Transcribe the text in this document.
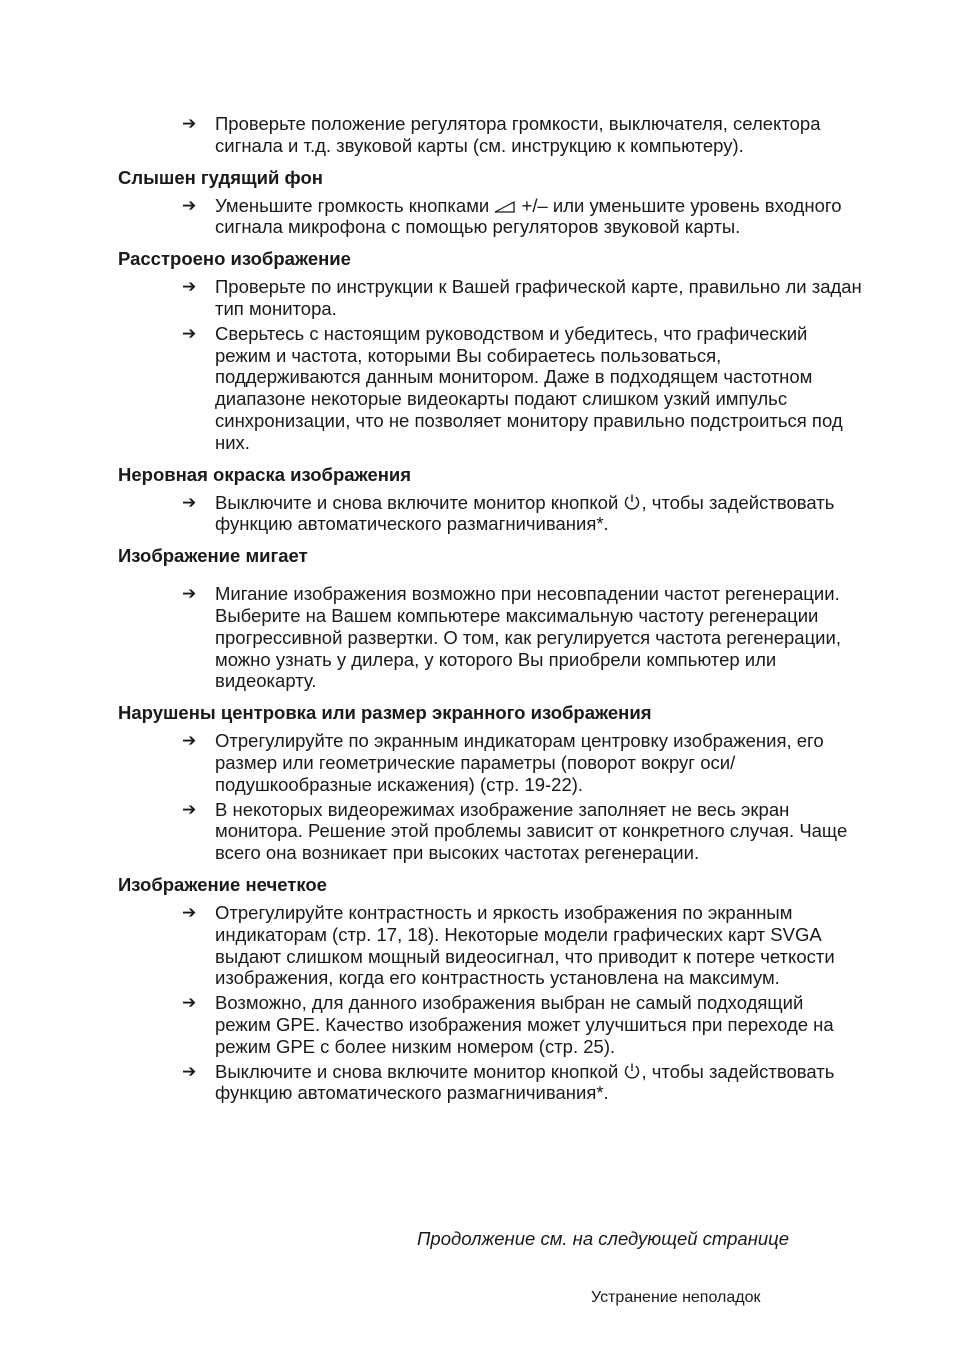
➔ Проверьте положение регулятора громкости, выключателя, селектора сигнала и т.д. звуковой карты (см. инструкцию к компьютеру).
Слышен гудящий фон
➔ Уменьшите громкость кнопками  +/– или уменьшите уровень входного сигнала микрофона с помощью регуляторов звуковой карты.
Расстроено изображение
➔ Проверьте по инструкции к Вашей графической карте, правильно ли задан тип монитора.
➔ Сверьтесь с настоящим руководством и убедитесь, что графический режим и частота, которыми Вы собираетесь пользоваться, поддерживаются данным монитором. Даже в подходящем частотном диапазоне некоторые видеокарты подают слишком узкий импульс синхронизации, что не позволяет монитору правильно подстроиться под них.
Неровная окраска изображения
➔ Выключите и снова включите монитор кнопкой , чтобы задействовать функцию автоматического размагничивания*.
Изображение мигает
➔ Мигание изображения возможно при несовпадении частот регенерации. Выберите на Вашем компьютере максимальную частоту регенерации прогрессивной развертки. О том, как регулируется частота регенерации, можно узнать у дилера, у которого Вы приобрели компьютер или видеокарту.
Нарушены центровка или размер экранного изображения
➔ Отрегулируйте по экранным индикаторам центровку изображения, его размер или геометрические параметры (поворот вокруг оси/подушкообразные искажения) (стр. 19-22).
➔ В некоторых видеорежимах изображение заполняет не весь экран монитора. Решение этой проблемы зависит от конкретного случая. Чаще всего она возникает при высоких частотах регенерации.
Изображение нечеткое
➔ Отрегулируйте контрастность и яркость изображения по экранным индикаторам (стр. 17, 18). Некоторые модели графических карт SVGA выдают слишком мощный видеосигнал, что приводит к потере четкости изображения, когда его контрастность установлена на максимум.
➔ Возможно, для данного изображения выбран не самый подходящий режим GPE. Качество изображения может улучшиться при переходе на режим GPE с более низким номером (стр. 25).
➔ Выключите и снова включите монитор кнопкой , чтобы задействовать функцию автоматического размагничивания*.
Продолжение см. на следующей странице
Устранение неполадок
